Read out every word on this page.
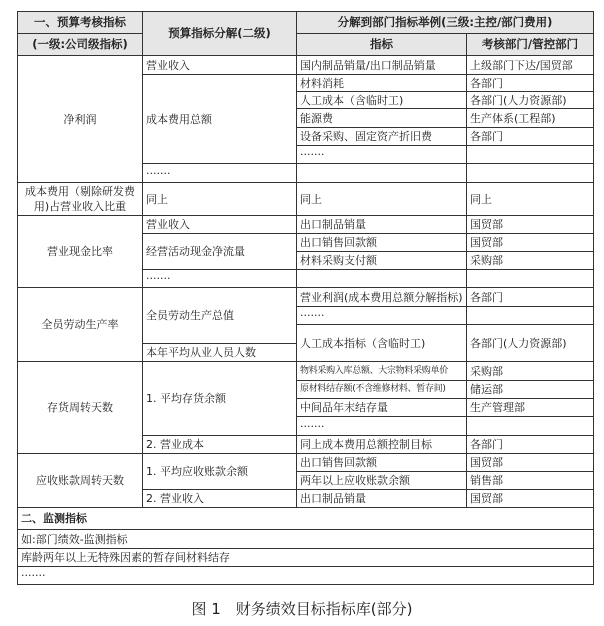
一、预算考核指标	预算指标分解(二级)	分解到部门指标举例(三级:主控/部门费用)	
(一级:公司级指标)		指标	考核部门/管控部门
净利润	营业收入	国内制品销量/出口制品销量	上级部门下达/国贸部
	成本费用总额	材料消耗	各部门
		人工成本（含临时工)	各部门(人力资源部)
		能源费	生产体系(工程部)
		设备采购、固定资产折旧费	各部门
		·······	
	·······		
成本费用（剔除研发费用)占营业收入比重	同上	同上	同上
营业现金比率	营业收入	出口制品销量	国贸部
	经营活动现金净流量	出口销售回款额	国贸部
		材料采购支付额	采购部
	·······		
全员劳动生产率	全员劳动生产总值	营业利润(成本费用总额分解指标)	各部门
		·······	
		人工成本指标（含临时工)	各部门(人力资源部)
	本年平均从业人员人数		
存货周转天数	1. 平均存货余额	物料采购入库总额、大宗物料采购单价	采购部
		原材料结存额(不含维修材料、暂存间)	储运部
		中间品年末结存量	生产管理部
		·······	
	2. 营业成本	同上成本费用总额控制目标	各部门
应收账款周转天数	1. 平均应收账款余额	出口销售回款额	国贸部
		两年以上应收账款余额	销售部
	2. 营业收入	出口制品销量	国贸部
二、监测指标			
如:部门绩效-监测指标			
库龄两年以上无特殊因素的暂存间材料结存			
·······			
图 1　财务绩效目标指标库(部分)
